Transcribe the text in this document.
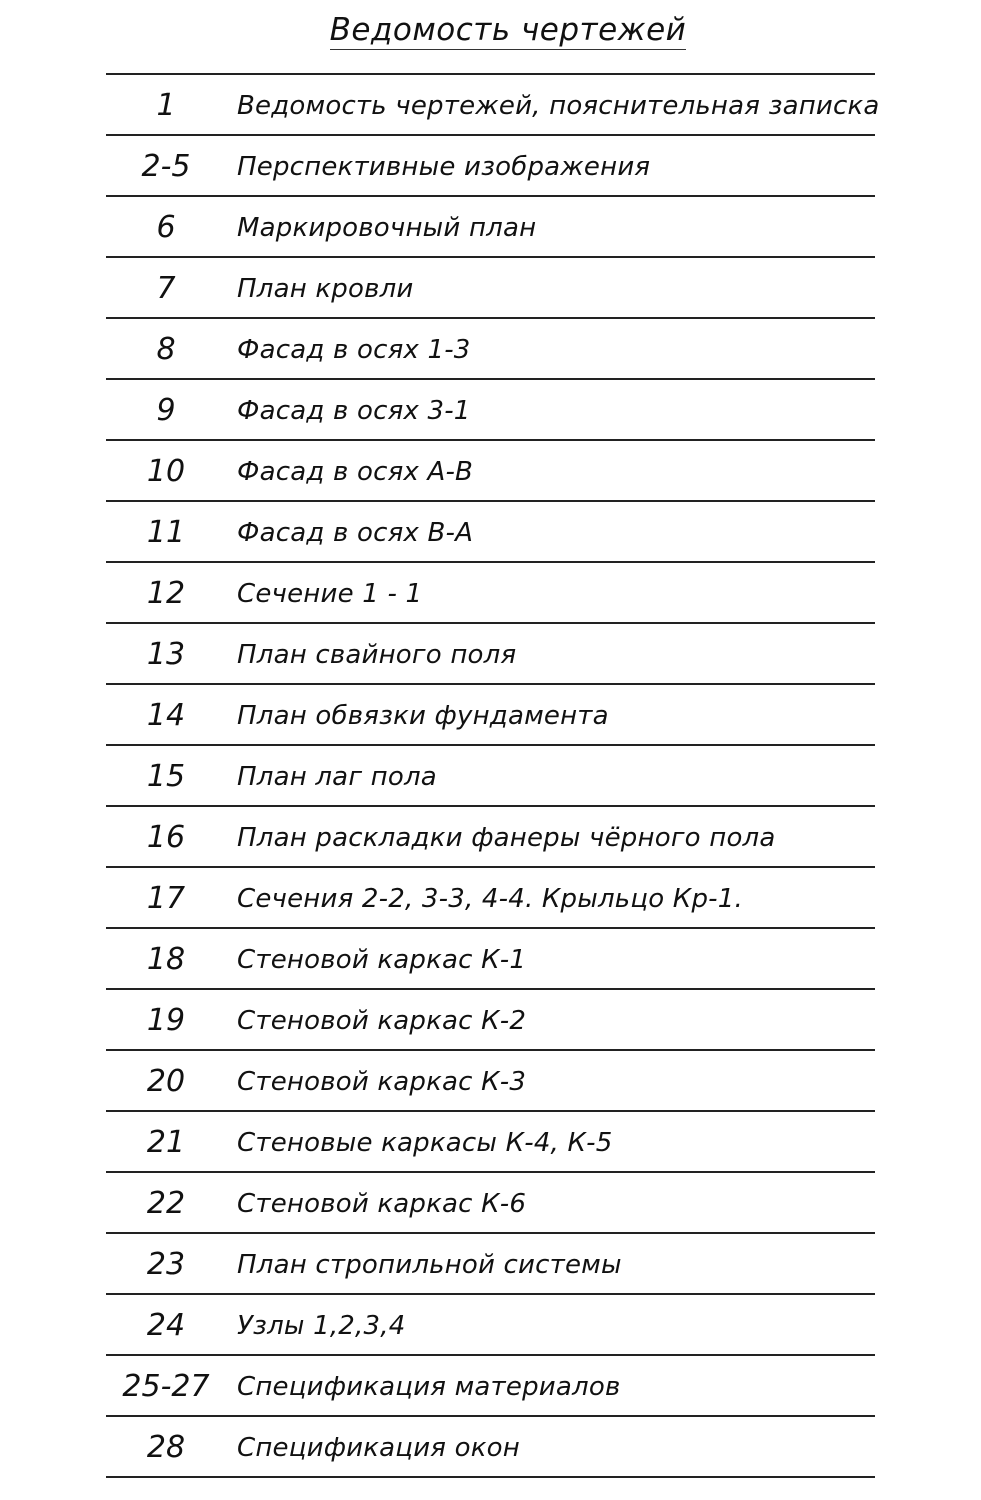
Ведомость чертежей
1	Ведомость чертежей, пояснительная записка
2-5	Перспективные изображения
6	Маркировочный план
7	План кровли
8	Фасад в осях 1-3
9	Фасад в осях 3-1
10	Фасад в осях А-В
11	Фасад в осях В-А
12	Сечение 1 - 1
13	План свайного поля
14	План обвязки фундамента
15	План лаг пола
16	План раскладки фанеры чёрного пола
17	Сечения 2-2, 3-3, 4-4. Крыльцо Кр-1.
18	Стеновой каркас К-1
19	Стеновой каркас К-2
20	Стеновой каркас К-3
21	Стеновые каркасы К-4, К-5
22	Стеновой каркас К-6
23	План стропильной системы
24	Узлы 1,2,3,4
25-27	Спецификация материалов
28	Спецификация окон
